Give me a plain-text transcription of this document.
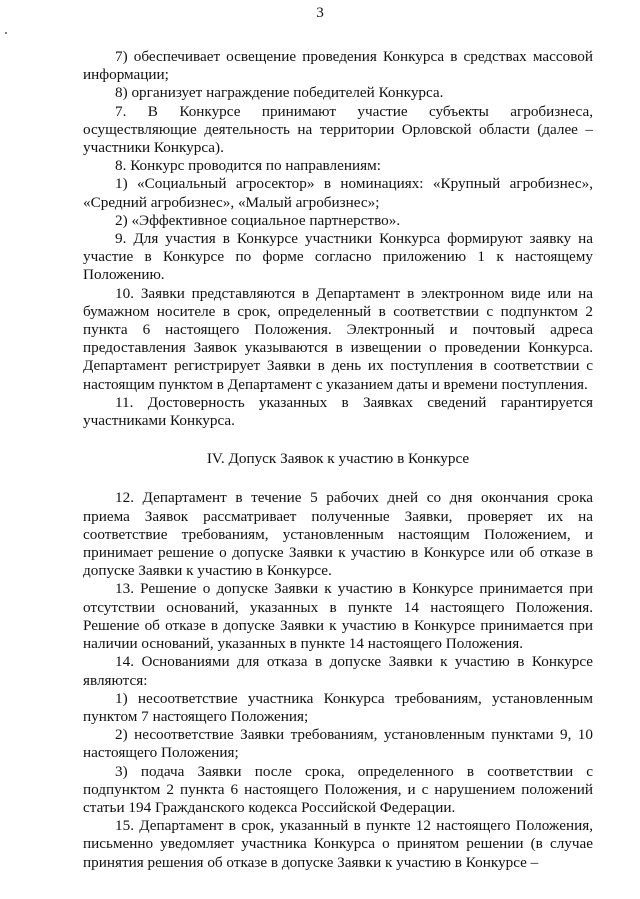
3

7) обеспечивает освещение проведения Конкурса в средствах массовой информации;

8) организует награждение победителей Конкурса.

7. В Конкурсе принимают участие субъекты агробизнеса, осуществляющие деятельность на территории Орловской области (далее – участники Конкурса).

8. Конкурс проводится по направлениям:

1) «Социальный агросектор» в номинациях: «Крупный агробизнес», «Средний агробизнес», «Малый агробизнес»;

2) «Эффективное социальное партнерство».

9. Для участия в Конкурсе участники Конкурса формируют заявку на участие в Конкурсе по форме согласно приложению 1 к настоящему Положению.

10. Заявки представляются в Департамент в электронном виде или на бумажном носителе в срок, определенный в соответствии с подпунктом 2 пункта 6 настоящего Положения. Электронный и почтовый адреса предоставления Заявок указываются в извещении о проведении Конкурса. Департамент регистрирует Заявки в день их поступления в соответствии с настоящим пунктом в Департамент с указанием даты и времени поступления.

11. Достоверность указанных в Заявках сведений гарантируется участниками Конкурса.

IV. Допуск Заявок к участию в Конкурсе

12. Департамент в течение 5 рабочих дней со дня окончания срока приема Заявок рассматривает полученные Заявки, проверяет их на соответствие требованиям, установленным настоящим Положением, и принимает решение о допуске Заявки к участию в Конкурсе или об отказе в допуске Заявки к участию в Конкурсе.

13. Решение о допуске Заявки к участию в Конкурсе принимается при отсутствии оснований, указанных в пункте 14 настоящего Положения. Решение об отказе в допуске Заявки к участию в Конкурсе принимается при наличии оснований, указанных в пункте 14 настоящего Положения.

14. Основаниями для отказа в допуске Заявки к участию в Конкурсе являются:

1) несоответствие участника Конкурса требованиям, установленным пунктом 7 настоящего Положения;

2) несоответствие Заявки требованиям, установленным пунктами 9, 10 настоящего Положения;

3) подача Заявки после срока, определенного в соответствии с подпунктом 2 пункта 6 настоящего Положения, и с нарушением положений статьи 194 Гражданского кодекса Российской Федерации.

15. Департамент в срок, указанный в пункте 12 настоящего Положения, письменно уведомляет участника Конкурса о принятом решении (в случае принятия решения об отказе в допуске Заявки к участию в Конкурсе –
